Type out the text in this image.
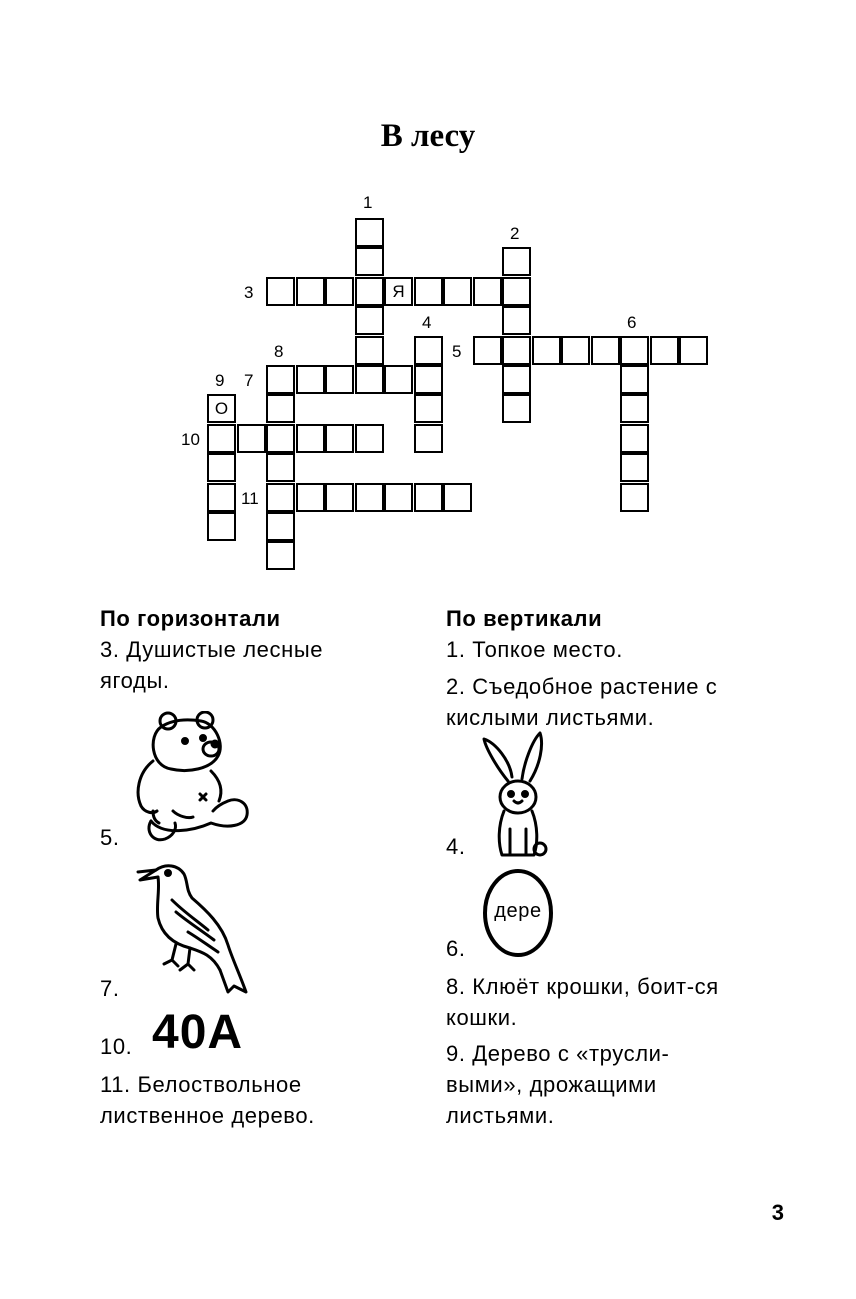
В лесу
1
2
3
4
5
6
8
9 7
10
11
Я
О
По горизонтали
3. Душистые лесные ягоды.
5.
7.
10. 40А
11. Белоствольное лиственное дерево.
По вертикали
1. Топкое место.
2. Съедобное растение с кислыми листьями.
4.
дере
6.
8. Клюёт крошки, боит-ся кошки.
9. Дерево с «трусли-выми», дрожащими листьями.
3
